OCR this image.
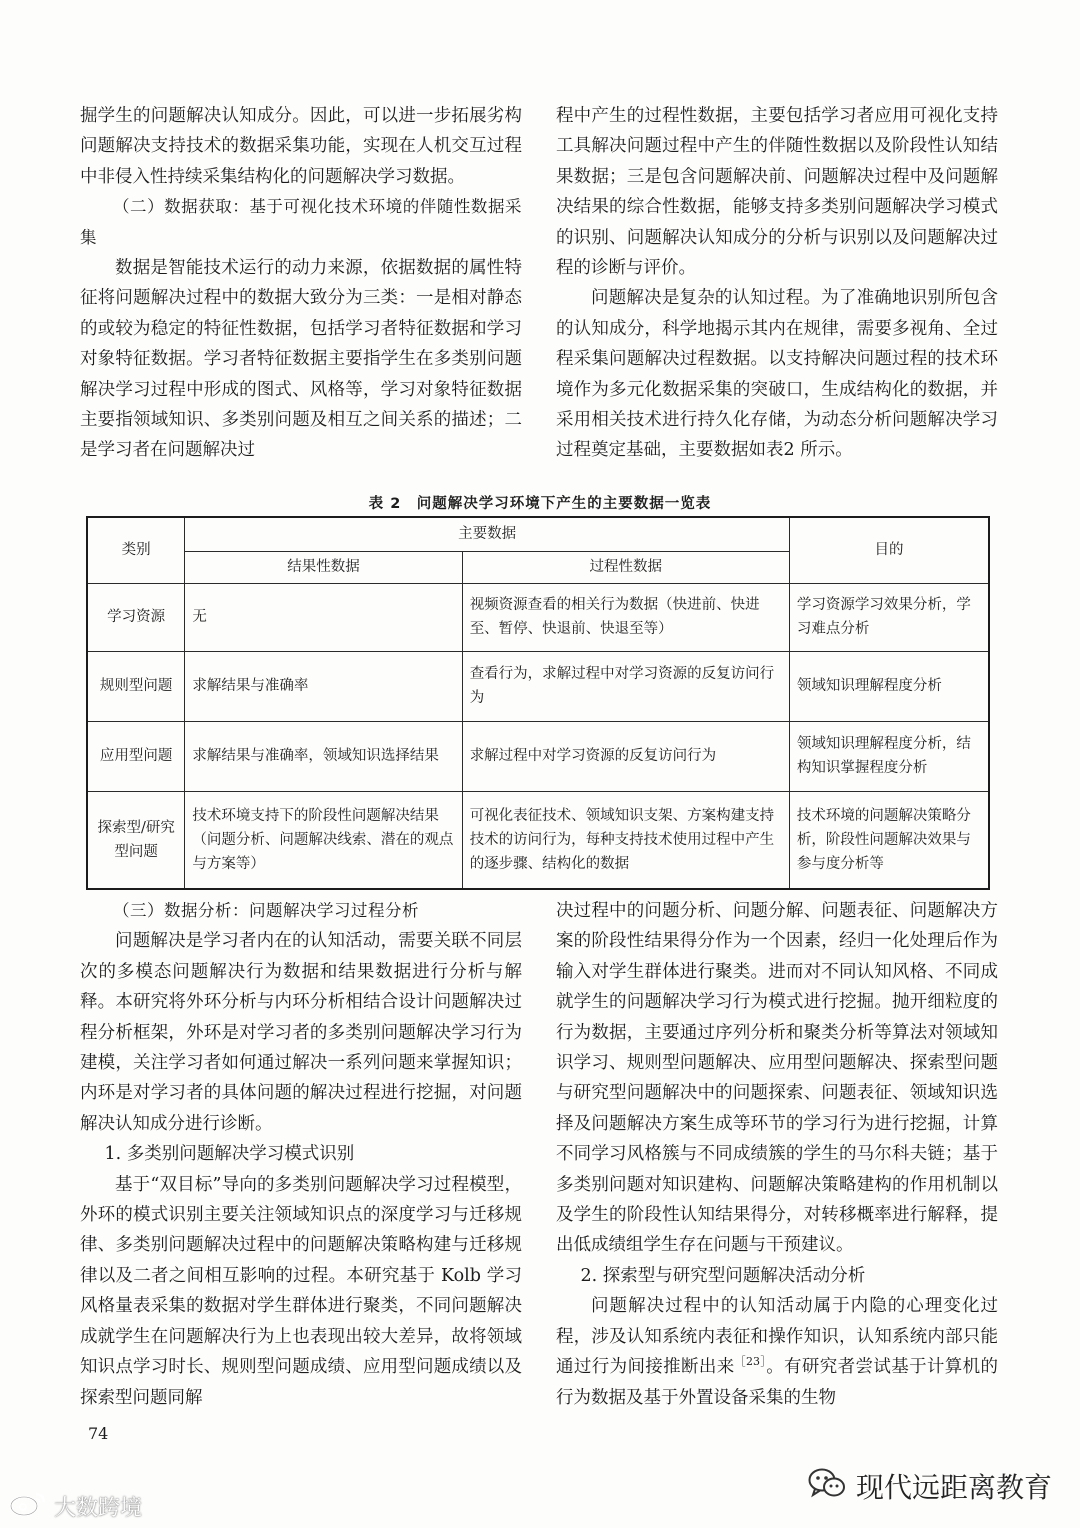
掘学生的问题解决认知成分。因此，可以进一步拓展劣构问题解决支持技术的数据采集功能，实现在人机交互过程中非侵入性持续采集结构化的问题解决学习数据。

（二）数据获取：基于可视化技术环境的伴随性数据采集

数据是智能技术运行的动力来源，依据数据的属性特征将问题解决过程中的数据大致分为三类：一是相对静态的或较为稳定的特征性数据，包括学习者特征数据和学习对象特征数据。学习者特征数据主要指学生在多类别问题解决学习过程中形成的图式、风格等，学习对象特征数据主要指领域知识、多类别问题及相互之间关系的描述；二是学习者在问题解决过

程中产生的过程性数据，主要包括学习者应用可视化支持工具解决问题过程中产生的伴随性数据以及阶段性认知结果数据；三是包含问题解决前、问题解决过程中及问题解决结果的综合性数据，能够支持多类别问题解决学习模式的识别、问题解决认知成分的分析与识别以及问题解决过程的诊断与评价。

问题解决是复杂的认知过程。为了准确地识别所包含的认知成分，科学地揭示其内在规律，需要多视角、全过程采集问题解决过程数据。以支持解决问题过程的技术环境作为多元化数据采集的突破口，生成结构化的数据，并采用相关技术进行持久化存储，为动态分析问题解决学习过程奠定基础，主要数据如表2 所示。

表 2　问题解决学习环境下产生的主要数据一览表
类别	主要数据		目的
	结果性数据	过程性数据	
学习资源	无	视频资源查看的相关行为数据（快进前、快进至、暂停、快退前、快退至等）	学习资源学习效果分析，学习难点分析
规则型问题	求解结果与准确率	查看行为，求解过程中对学习资源的反复访问行为	领域知识理解程度分析
应用型问题	求解结果与准确率，领域知识选择结果	求解过程中对学习资源的反复访问行为	领域知识理解程度分析，结构知识掌握程度分析
探索型/研究型问题	技术环境支持下的阶段性问题解决结果（问题分析、问题解决线索、潜在的观点与方案等）	可视化表征技术、领域知识支架、方案构建支持技术的访问行为，每种支持技术使用过程中产生的逐步骤、结构化的数据	技术环境的问题解决策略分析，阶段性问题解决效果与参与度分析等

（三）数据分析：问题解决学习过程分析

问题解决是学习者内在的认知活动，需要关联不同层次的多模态问题解决行为数据和结果数据进行分析与解释。本研究将外环分析与内环分析相结合设计问题解决过程分析框架，外环是对学习者的多类别问题解决学习行为建模，关注学习者如何通过解决一系列问题来掌握知识；内环是对学习者的具体问题的解决过程进行挖掘，对问题解决认知成分进行诊断。

1. 多类别问题解决学习模式识别

基于“双目标”导向的多类别问题解决学习过程模型，外环的模式识别主要关注领域知识点的深度学习与迁移规律、多类别问题解决过程中的问题解决策略构建与迁移规律以及二者之间相互影响的过程。本研究基于 Kolb 学习风格量表采集的数据对学生群体进行聚类，不同问题解决成就学生在问题解决行为上也表现出较大差异，故将领域知识点学习时长、规则型问题成绩、应用型问题成绩以及探索型问题同解

决过程中的问题分析、问题分解、问题表征、问题解决方案的阶段性结果得分作为一个因素，经归一化处理后作为输入对学生群体进行聚类。进而对不同认知风格、不同成就学生的问题解决学习行为模式进行挖掘。抛开细粒度的行为数据，主要通过序列分析和聚类分析等算法对领域知识学习、规则型问题解决、应用型问题解决、探索型问题与研究型问题解决中的问题探索、问题表征、领域知识选择及问题解决方案生成等环节的学习行为进行挖掘，计算不同学习风格簇与不同成绩簇的学生的马尔科夫链；基于多类别问题对知识建构、问题解决策略建构的作用机制以及学生的阶段性认知结果得分，对转移概率进行解释，提出低成绩组学生存在问题与干预建议。

2. 探索型与研究型问题解决活动分析

问题解决过程中的认知活动属于内隐的心理变化过程，涉及认知系统内表征和操作知识，认知系统内部只能通过行为间接推断出来$^{[23]}$。有研究者尝试基于计算机的行为数据及基于外置设备采集的生物

74
现代远距离教育
大数跨境
